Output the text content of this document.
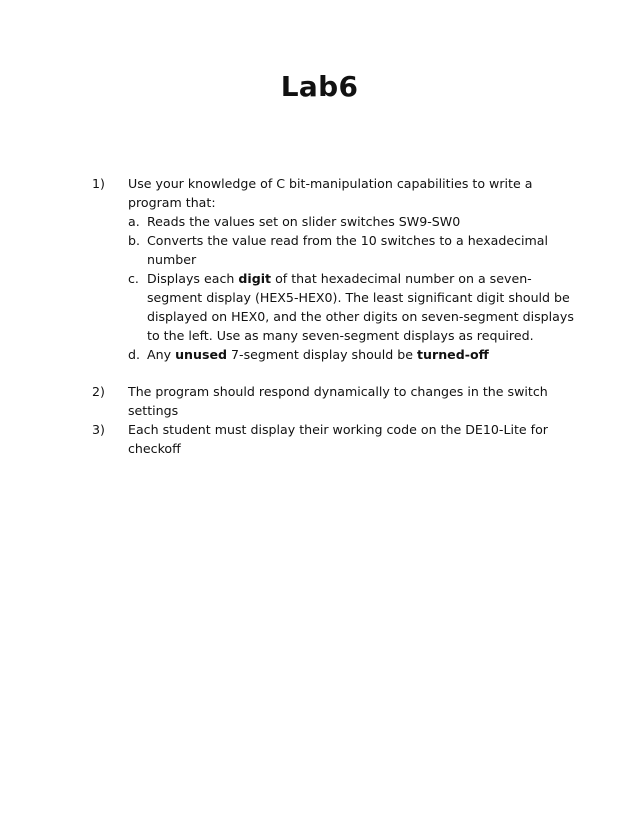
Lab6
1)	Use your knowledge of C bit-manipulation capabilities to write a program that:
a. Reads the values set on slider switches SW9-SW0
b. Converts the value read from the 10 switches to a hexadecimal number
c. Displays each digit of that hexadecimal number on a seven-segment display (HEX5-HEX0). The least significant digit should be displayed on HEX0, and the other digits on seven-segment displays to the left. Use as many seven-segment displays as required.
d. Any unused 7-segment display should be turned-off
2)	The program should respond dynamically to changes in the switch settings
3)	Each student must display their working code on the DE10-Lite for checkoff
